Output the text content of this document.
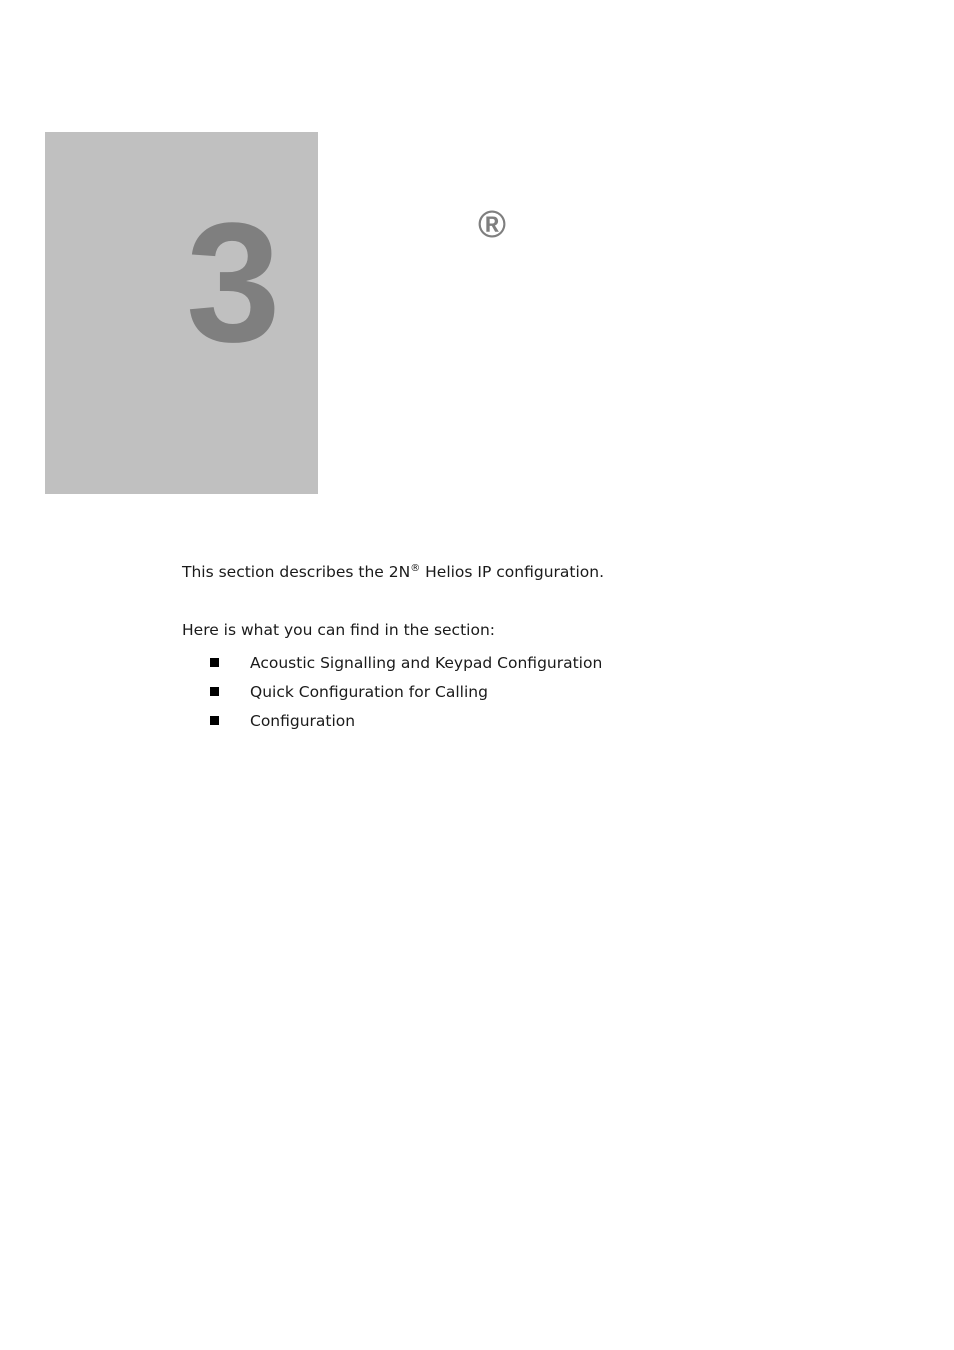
3	®

This section describes the 2N® Helios IP configuration.

Here is what you can find in the section:

Acoustic Signalling and Keypad Configuration
Quick Configuration for Calling
Configuration
